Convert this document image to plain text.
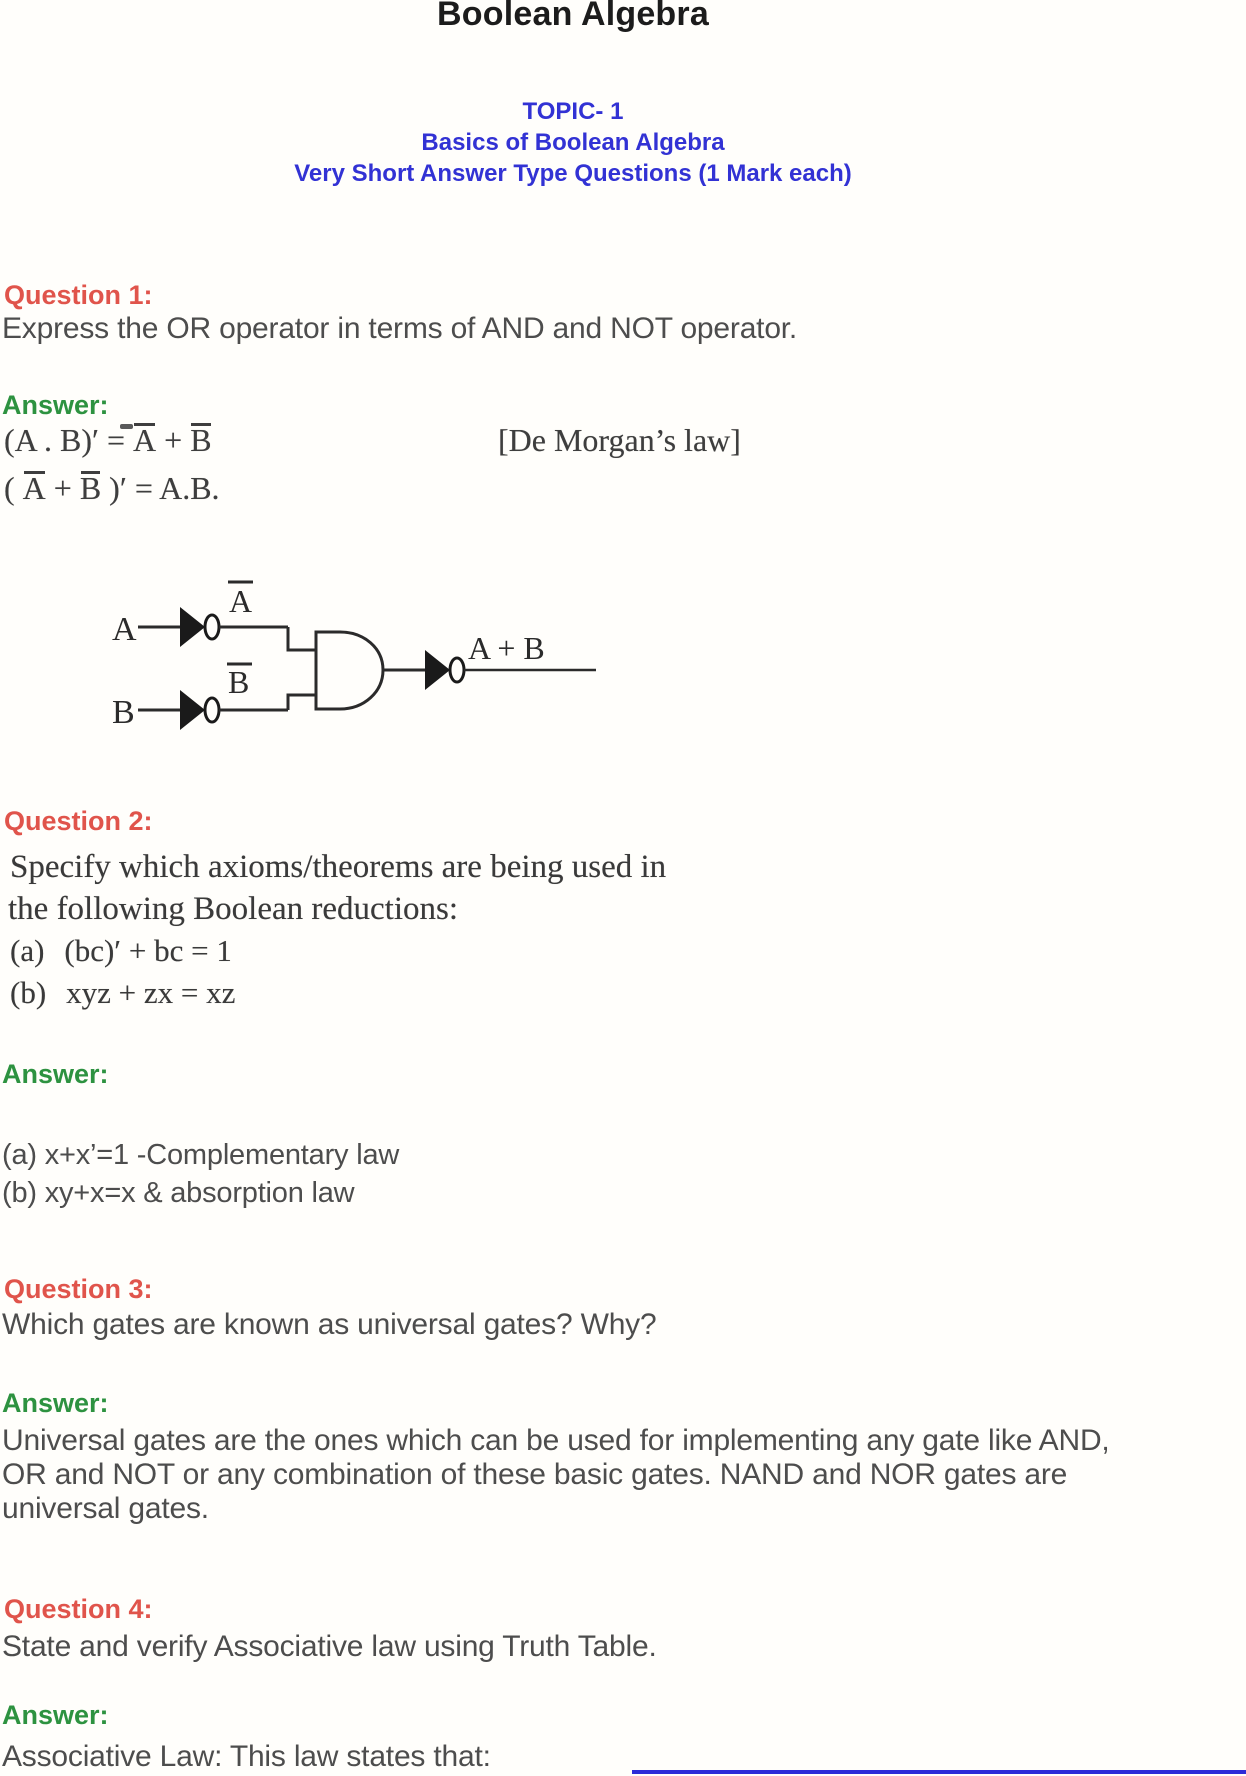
Boolean Algebra
TOPIC- 1
Basics of Boolean Algebra
Very Short Answer Type Questions (1 Mark each)
Question 1:
Express the OR operator in terms of AND and NOT operator.
Answer:
(A . B)′ = A + B	[De Morgan’s law]
( A + B )′ = A.B.
A
A
B
B
A + B
Question 2:
Specify which axioms/theorems are being used in
the following Boolean reductions:
(a) (bc)′ + bc = 1
(b) xyz + zx = xz
Answer:
(a) x+x’=1 -Complementary law
(b) xy+x=x & absorption law
Question 3:
Which gates are known as universal gates? Why?
Answer:
Universal gates are the ones which can be used for implementing any gate like AND,
OR and NOT or any combination of these basic gates. NAND and NOR gates are
universal gates.
Question 4:
State and verify Associative law using Truth Table.
Answer:
Associative Law: This law states that:
